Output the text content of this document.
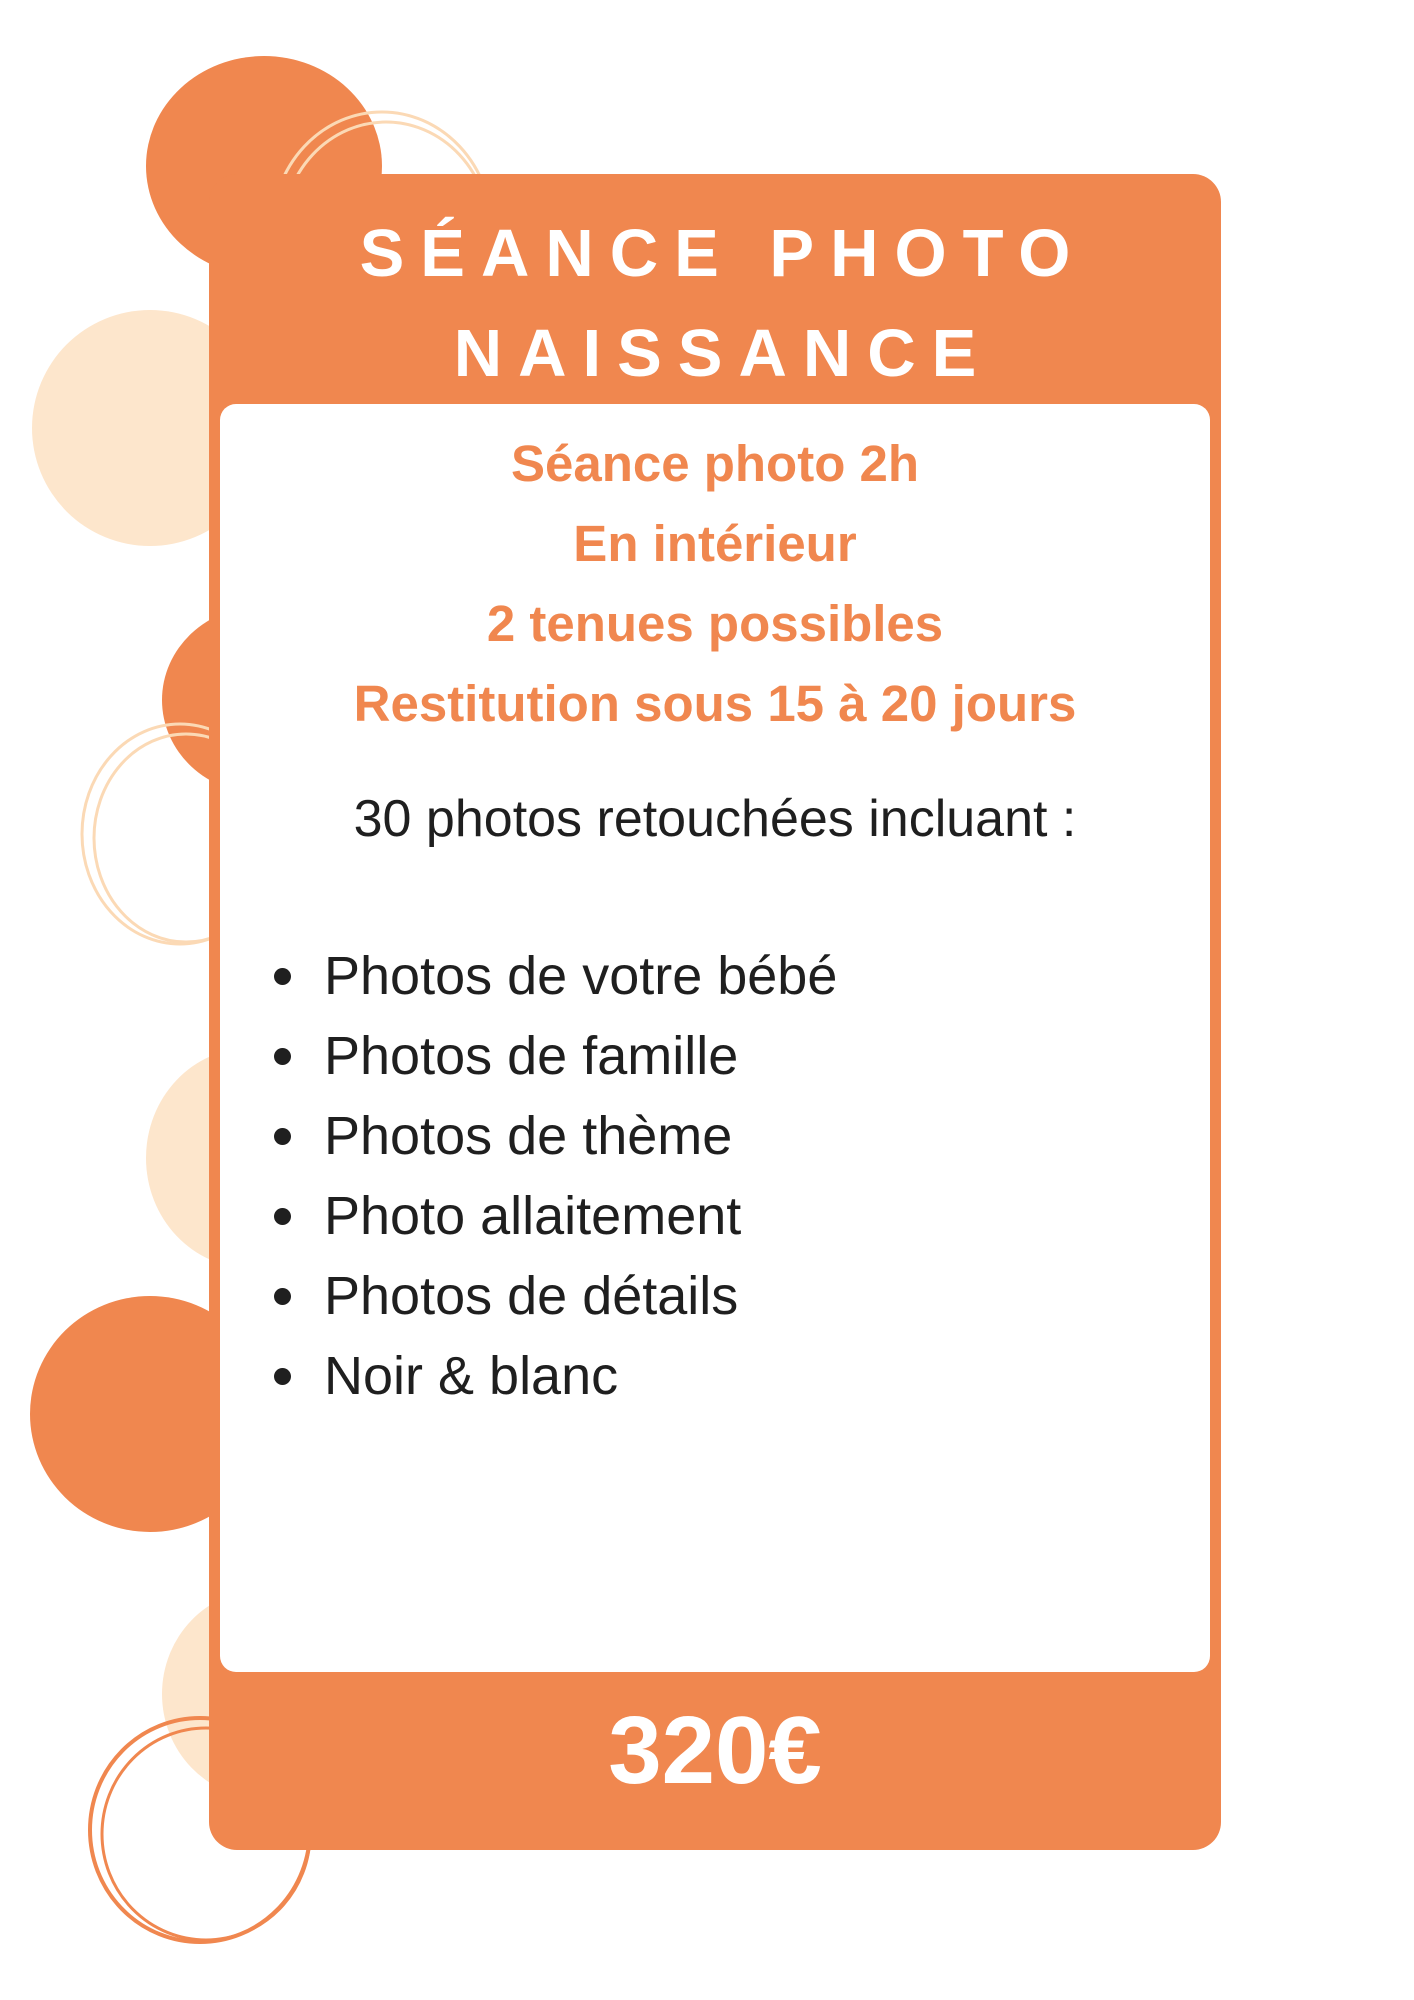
SÉANCE PHOTO
NAISSANCE
Séance photo 2h
En intérieur
2 tenues possibles
Restitution sous 15 à 20 jours
30 photos retouchées incluant :
Photos de votre bébé
Photos de famille
Photos de thème
Photo allaitement
Photos de détails
Noir & blanc
320€
